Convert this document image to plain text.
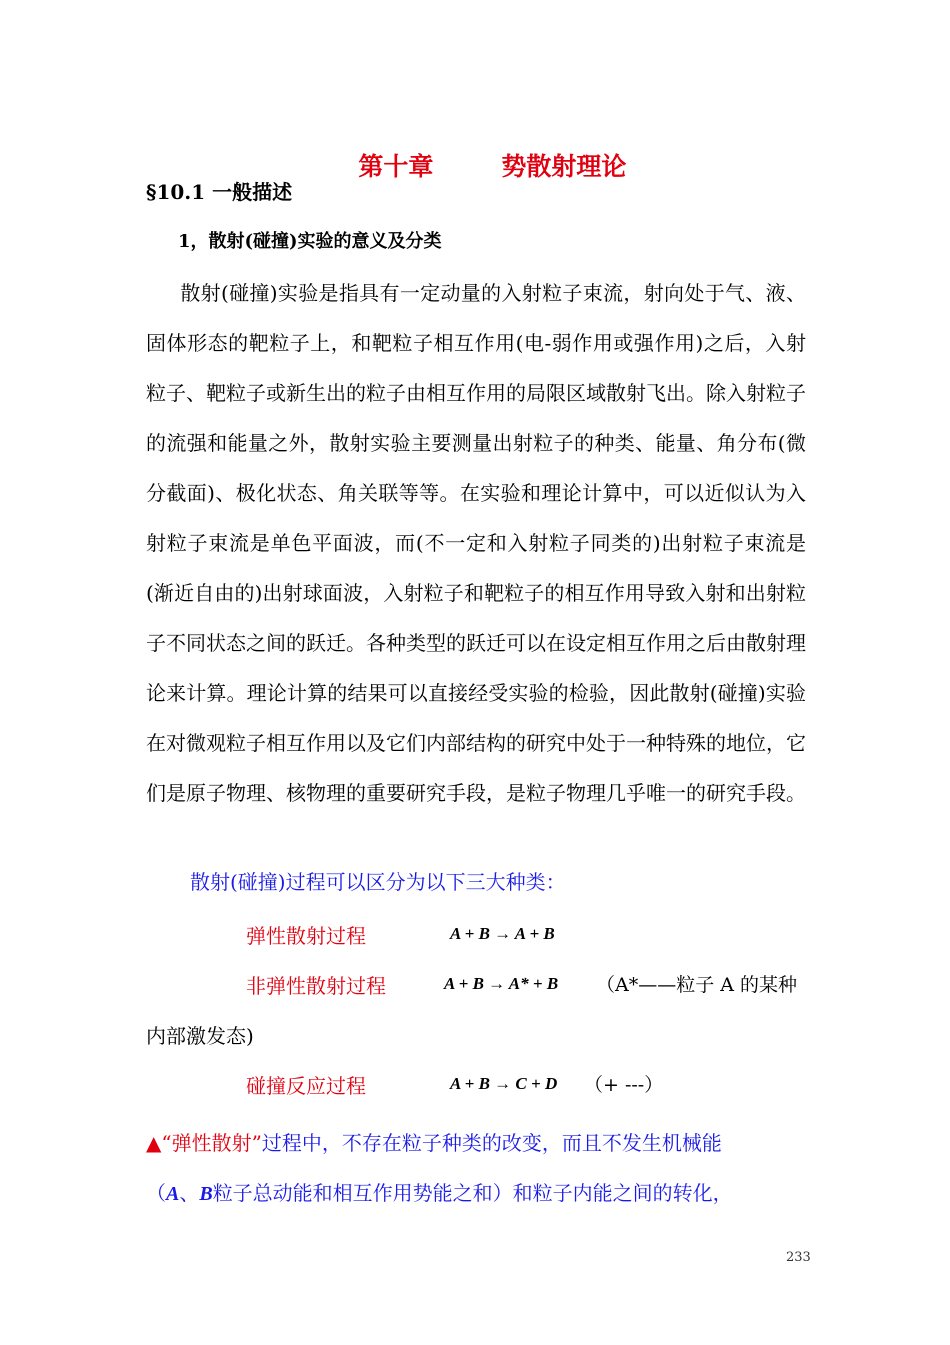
第十章	势散射理论

§10.1 一般描述
1，散射(碰撞)实验的意义及分类

散射(碰撞)实验是指具有一定动量的入射粒子束流，射向处于气、液、固体形态的靶粒子上，和靶粒子相互作用(电-弱作用或强作用)之后，入射粒子、靶粒子或新生出的粒子由相互作用的局限区域散射飞出。除入射粒子的流强和能量之外，散射实验主要测量出射粒子的种类、能量、角分布(微分截面)、极化状态、角关联等等。在实验和理论计算中，可以近似认为入射粒子束流是单色平面波，而(不一定和入射粒子同类的)出射粒子束流是(渐近自由的)出射球面波，入射粒子和靶粒子的相互作用导致入射和出射粒子不同状态之间的跃迁。各种类型的跃迁可以在设定相互作用之后由散射理论来计算。理论计算的结果可以直接经受实验的检验，因此散射(碰撞)实验在对微观粒子相互作用以及它们内部结构的研究中处于一种特殊的地位，它们是原子物理、核物理的重要研究手段，是粒子物理几乎唯一的研究手段。

散射(碰撞)过程可以区分为以下三大种类：
弹性散射过程	A + B → A + B
非弹性散射过程	A + B → A* + B （A*——粒子 A 的某种
内部激发态)
碰撞反应过程	A + B → C + D （+ ---）
▲“弹性散射”过程中，不存在粒子种类的改变，而且不发生机械能
（A、B粒子总动能和相互作用势能之和）和粒子内能之间的转化，
233
